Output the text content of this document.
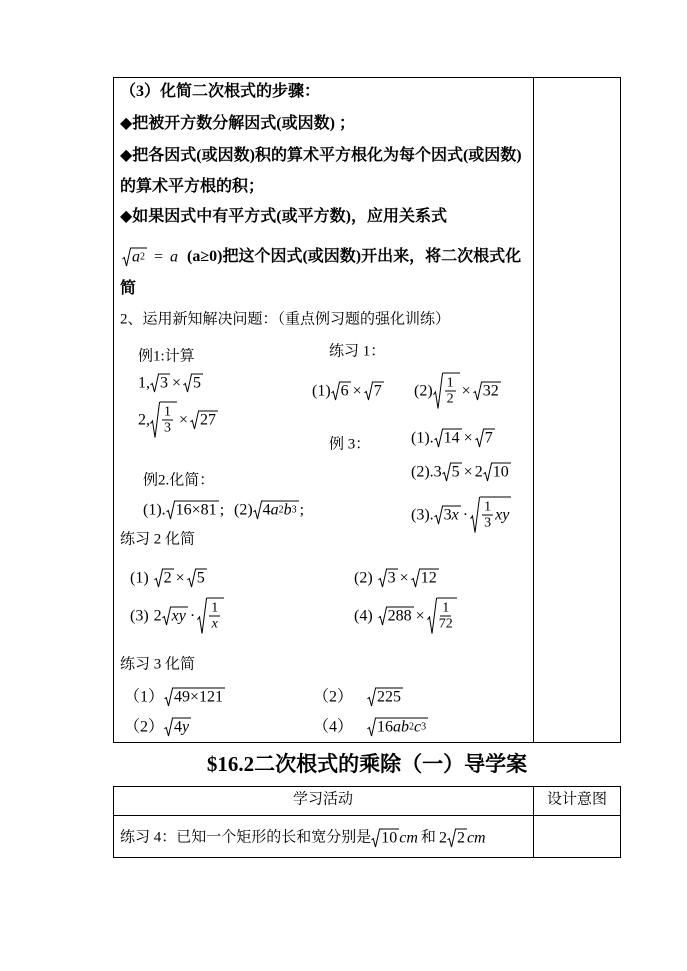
（3）化简二次根式的步骤：
◆把被开方数分解因式(或因数) ；
◆把各因式(或因数)积的算术平方根化为每个因式(或因数)
的算术平方根的积；
◆如果因式中有平方式(或平方数)，应用关系式
a 2 = a (a≥0)把这个因式(或因数)开出来，将二次根式化
简
2、运用新知解决问题：（重点例习题的强化训练）
例1:计算
1, 3 × 5
2, $\frac{1}{3} \times 27$
练习 1：
(1) 6 × 7 $(2) \frac{1}{2} \times 32$
例 3：	(1). 14 × 7
(2). 3 5 × 2 10
(3). 3 $x \cdot \frac{1}{3}$ xy
例2.化简：
(1). 16×81 ; (2) 4 a 2 b 3 ;
练习 2 化简
(1) 2 × 5	(2) 3 × 12
(3) 2 xy · $\frac{1}{x}$	(4) $288 \times \frac{1}{72}$
练习 3 化简
（1） 49×121	（2） 225
（2） 4 y	（4） 16 a b 2 c 3
$16.2二次根式的乘除（一）导学案
学习活动	设计意图
练习 4：已知一个矩形的长和宽分别是 10 cm 和 2 2 cm
